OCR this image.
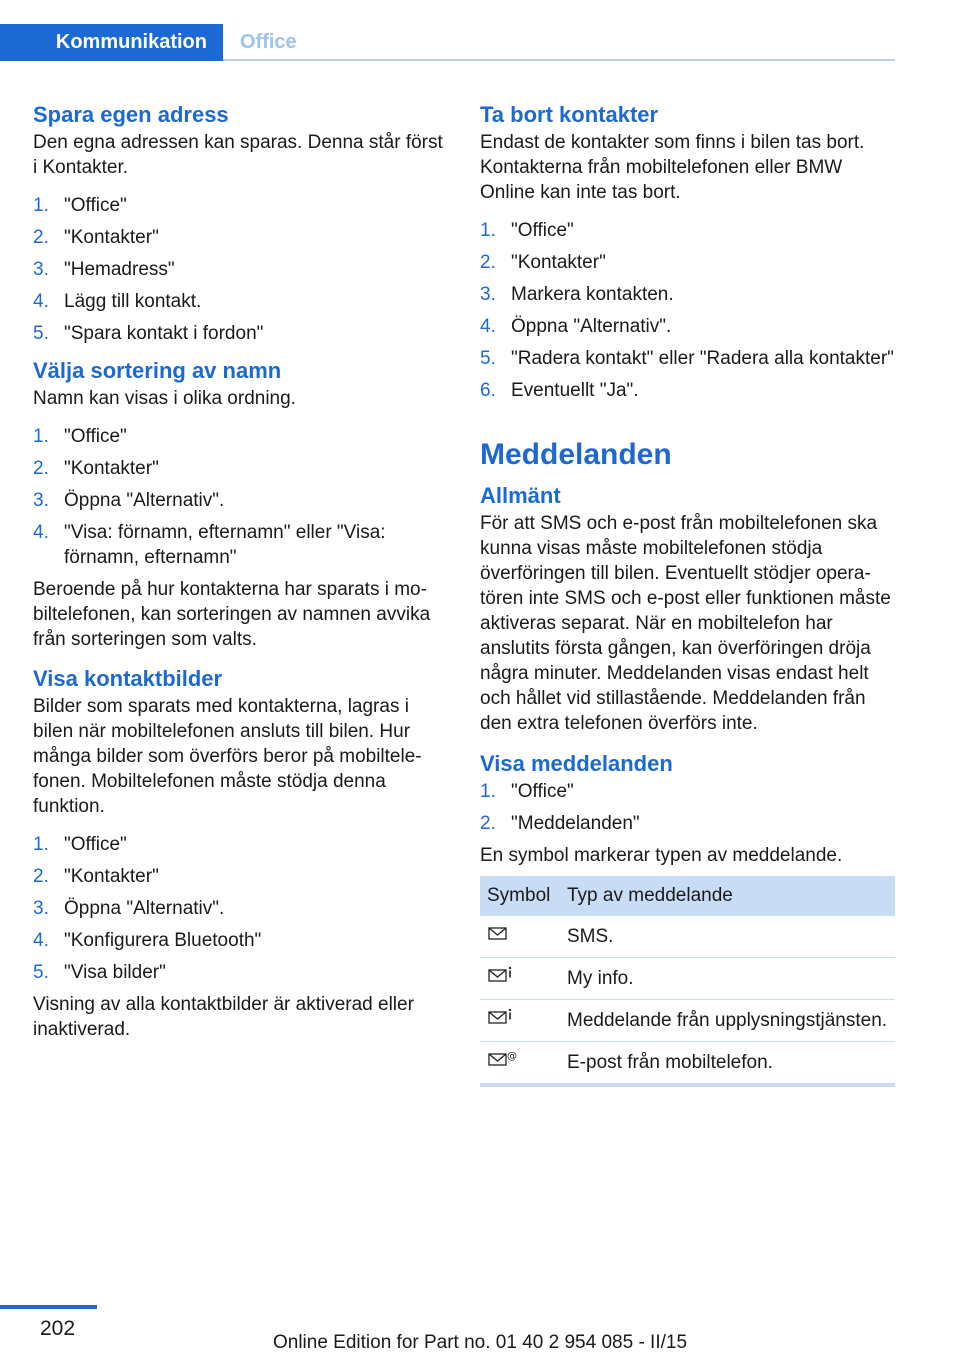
Kommunikation	Office
Spara egen adress

Den egna adressen kan sparas. Denna står först i Kontakter.

1. "Office"
2. "Kontakter"
3. "Hemadress"
4. Lägg till kontakt.
5. "Spara kontakt i fordon"
Välja sortering av namn

Namn kan visas i olika ordning.

1. "Office"
2. "Kontakter"
3. Öppna "Alternativ".
4. "Visa: förnamn, efternamn" eller "Visa: förnamn, efternamn"

Beroende på hur kontakterna har sparats i mobiltelefonen, kan sorteringen av namnen avvika från sorteringen som valts.

Visa kontaktbilder

Bilder som sparats med kontakterna, lagras i bilen när mobiltelefonen ansluts till bilen. Hur många bilder som överförs beror på mobiltelefonen. Mobiltelefonen måste stödja denna funktion.

1. "Office"
2. "Kontakter"
3. Öppna "Alternativ".
4. "Konfigurera Bluetooth"
5. "Visa bilder"

Visning av alla kontaktbilder är aktiverad eller inaktiverad.

Ta bort kontakter

Endast de kontakter som finns i bilen tas bort. Kontakterna från mobiltelefonen eller BMW Online kan inte tas bort.

1. "Office"
2. "Kontakter"
3. Markera kontakten.
4. Öppna "Alternativ".
5. "Radera kontakt" eller "Radera alla kontakter"
6. Eventuellt "Ja".
Meddelanden
Allmänt

För att SMS och e-post från mobiltelefonen ska kunna visas måste mobiltelefonen stödja överföringen till bilen. Eventuellt stödjer operatören inte SMS och e-post eller funktionen måste aktiveras separat. När en mobiltelefon har anslutits första gången, kan överföringen dröja några minuter. Meddelanden visas endast helt och hållet vid stillastående. Meddelanden från den extra telefonen överförs inte.

Visa meddelanden
1. "Office"
2. "Meddelanden"

En symbol markerar typen av meddelande.

Symbol	Typ av meddelande
	SMS.
	My info.
	Meddelande från upplysningstjänsten.

@	E-post från mobiltelefon.
202
Online Edition for Part no. 01 40 2 954 085 - II/15
